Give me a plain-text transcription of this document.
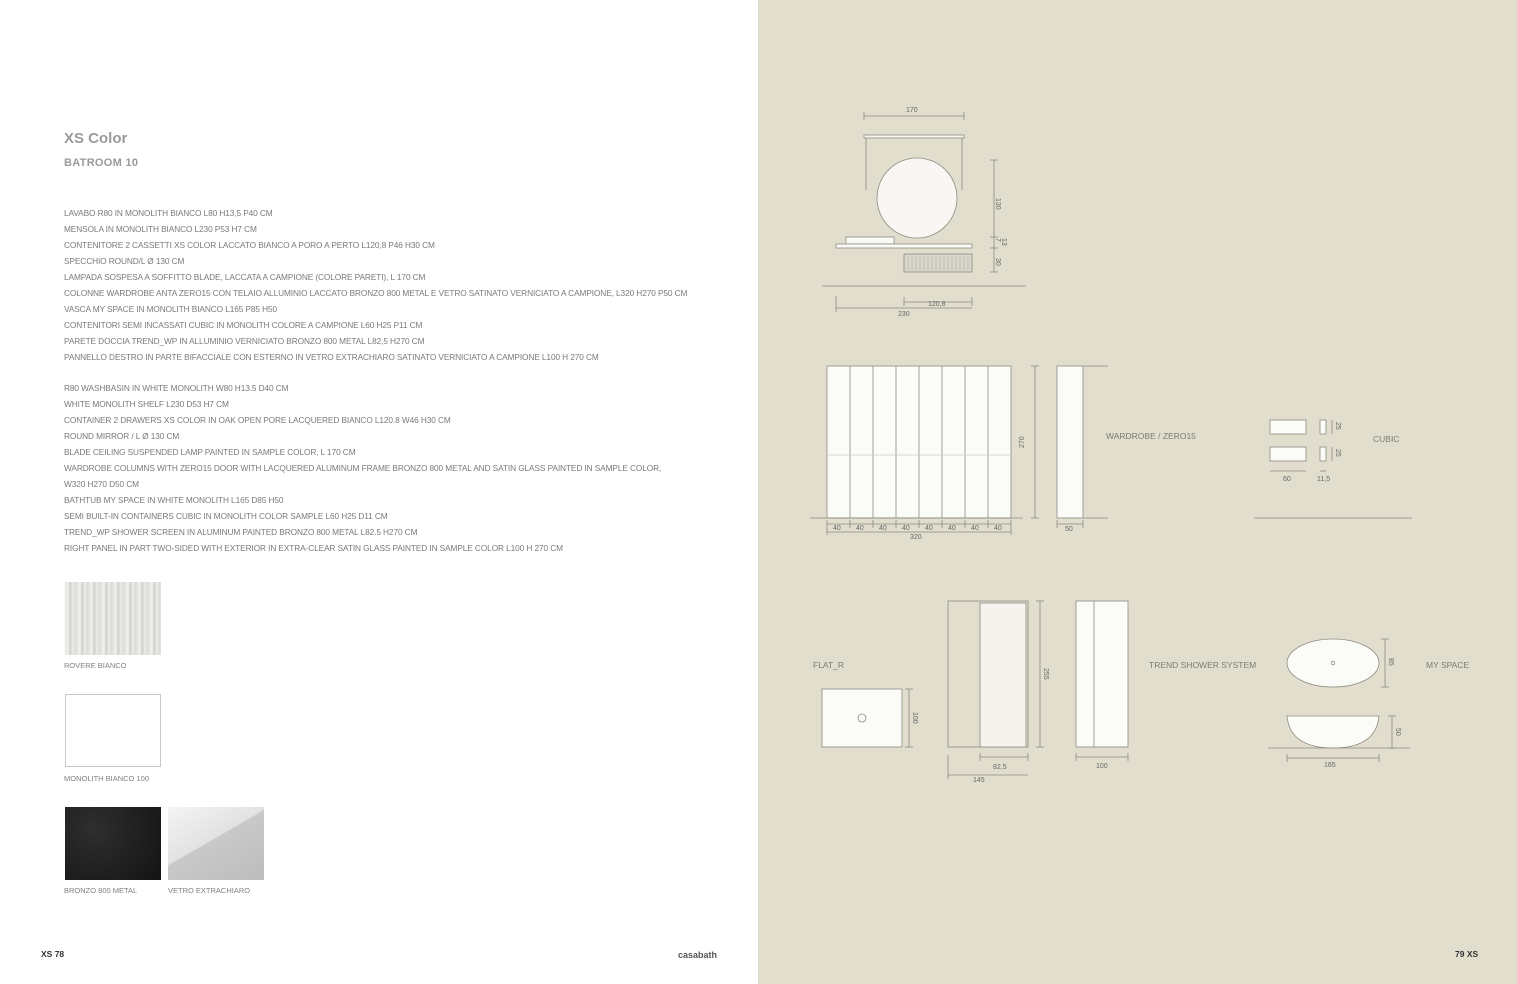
XS Color
BATROOM 10
LAVABO R80 IN MONOLITH BIANCO L80 H13,5 P40 CM
MENSOLA IN MONOLITH BIANCO L230 P53 H7 CM
CONTENITORE 2 CASSETTI XS COLOR LACCATO BIANCO A PORO A PERTO L120,8 P46 H30 CM
SPECCHIO ROUND/L Ø 130 CM
LAMPADA SOSPESA A SOFFITTO BLADE, LACCATA A CAMPIONE (COLORE PARETI), L 170 CM
COLONNE WARDROBE ANTA ZERO15 CON TELAIO ALLUMINIO LACCATO BRONZO 800 METAL E VETRO SATINATO VERNICIATO A CAMPIONE, L320 H270 P50 CM
VASCA MY SPACE IN MONOLITH BIANCO L165 P85 H50
CONTENITORI SEMI INCASSATI CUBIC IN MONOLITH COLORE A CAMPIONE L60 H25 P11 CM
PARETE DOCCIA TREND_WP IN ALLUMINIO VERNICIATO BRONZO 800 METAL L82,5 H270 CM
PANNELLO DESTRO IN PARTE BIFACCIALE CON ESTERNO IN VETRO EXTRACHIARO SATINATO VERNICIATO A CAMPIONE L100 H 270 CM
R80 WASHBASIN IN WHITE MONOLITH W80 H13.5 D40 CM
WHITE MONOLITH SHELF L230 D53 H7 CM
CONTAINER 2 DRAWERS XS COLOR IN OAK OPEN PORE LACQUERED BIANCO L120.8 W46 H30 CM
ROUND MIRROR / L Ø 130 CM
BLADE CEILING SUSPENDED LAMP PAINTED IN SAMPLE COLOR, L 170 CM
WARDROBE COLUMNS WITH ZERO15 DOOR WITH LACQUERED ALUMINUM FRAME BRONZO 800 METAL AND SATIN GLASS PAINTED IN SAMPLE COLOR,
W320 H270 D50 CM
BATHTUB MY SPACE IN WHITE MONOLITH L165 D85 H50
SEMI BUILT-IN CONTAINERS CUBIC IN MONOLITH COLOR SAMPLE L60 H25 D11 CM
TREND_WP SHOWER SCREEN IN ALUMINUM PAINTED BRONZO 800 METAL L82.5 H270 CM
RIGHT PANEL IN PART TWO-SIDED WITH EXTERIOR IN EXTRA-CLEAR SATIN GLASS PAINTED IN SAMPLE COLOR L100 H 270 CM
ROVERE BIANCO
MONOLITH BIANCO 100
BRONZO 800 METAL	VETRO EXTRACHIARO
XS 78	casabath
170
130
7 13
30
120,8
230
270
50
320
40 40 40 40 40 40 40 40
25
25
60	11,5
100
255
82,5
145
100
85
50
165
WARDROBE / ZERO15	CUBIC
FLAT_R	TREND SHOWER SYSTEM	MY SPACE
79 XS
